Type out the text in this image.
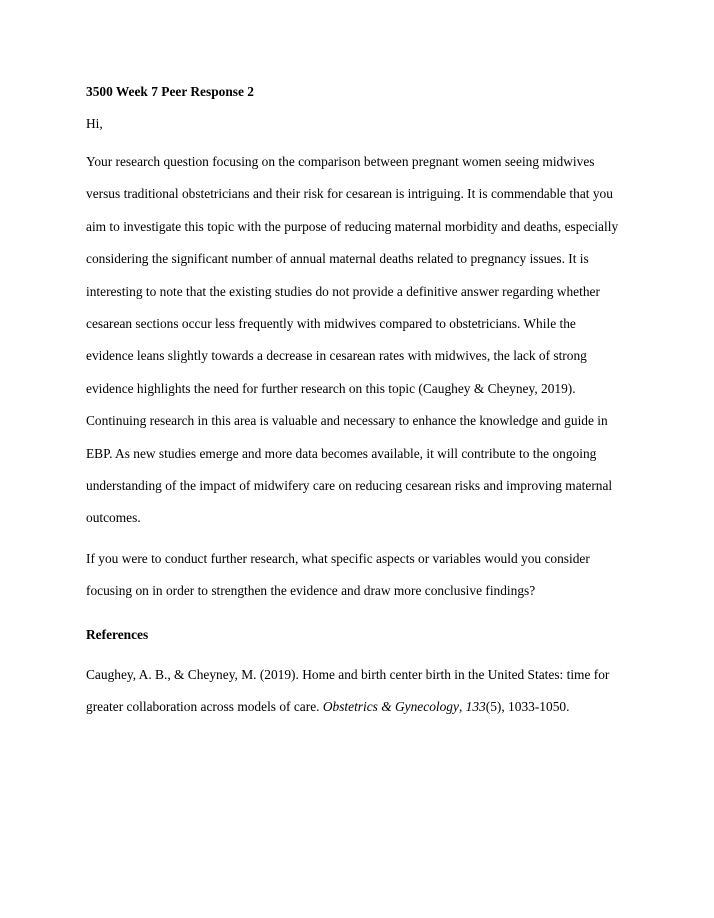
3500 Week 7 Peer Response 2
Hi,

Your research question focusing on the comparison between pregnant women seeing midwives versus traditional obstetricians and their risk for cesarean is intriguing. It is commendable that you aim to investigate this topic with the purpose of reducing maternal morbidity and deaths, especially considering the significant number of annual maternal deaths related to pregnancy issues. It is interesting to note that the existing studies do not provide a definitive answer regarding whether cesarean sections occur less frequently with midwives compared to obstetricians. While the evidence leans slightly towards a decrease in cesarean rates with midwives, the lack of strong evidence highlights the need for further research on this topic (Caughey & Cheyney, 2019). Continuing research in this area is valuable and necessary to enhance the knowledge and guide in EBP. As new studies emerge and more data becomes available, it will contribute to the ongoing understanding of the impact of midwifery care on reducing cesarean risks and improving maternal outcomes.

If you were to conduct further research, what specific aspects or variables would you consider focusing on in order to strengthen the evidence and draw more conclusive findings?

References

Caughey, A. B., & Cheyney, M. (2019). Home and birth center birth in the United States: time for greater collaboration across models of care. Obstetrics & Gynecology, 133(5), 1033-1050.
